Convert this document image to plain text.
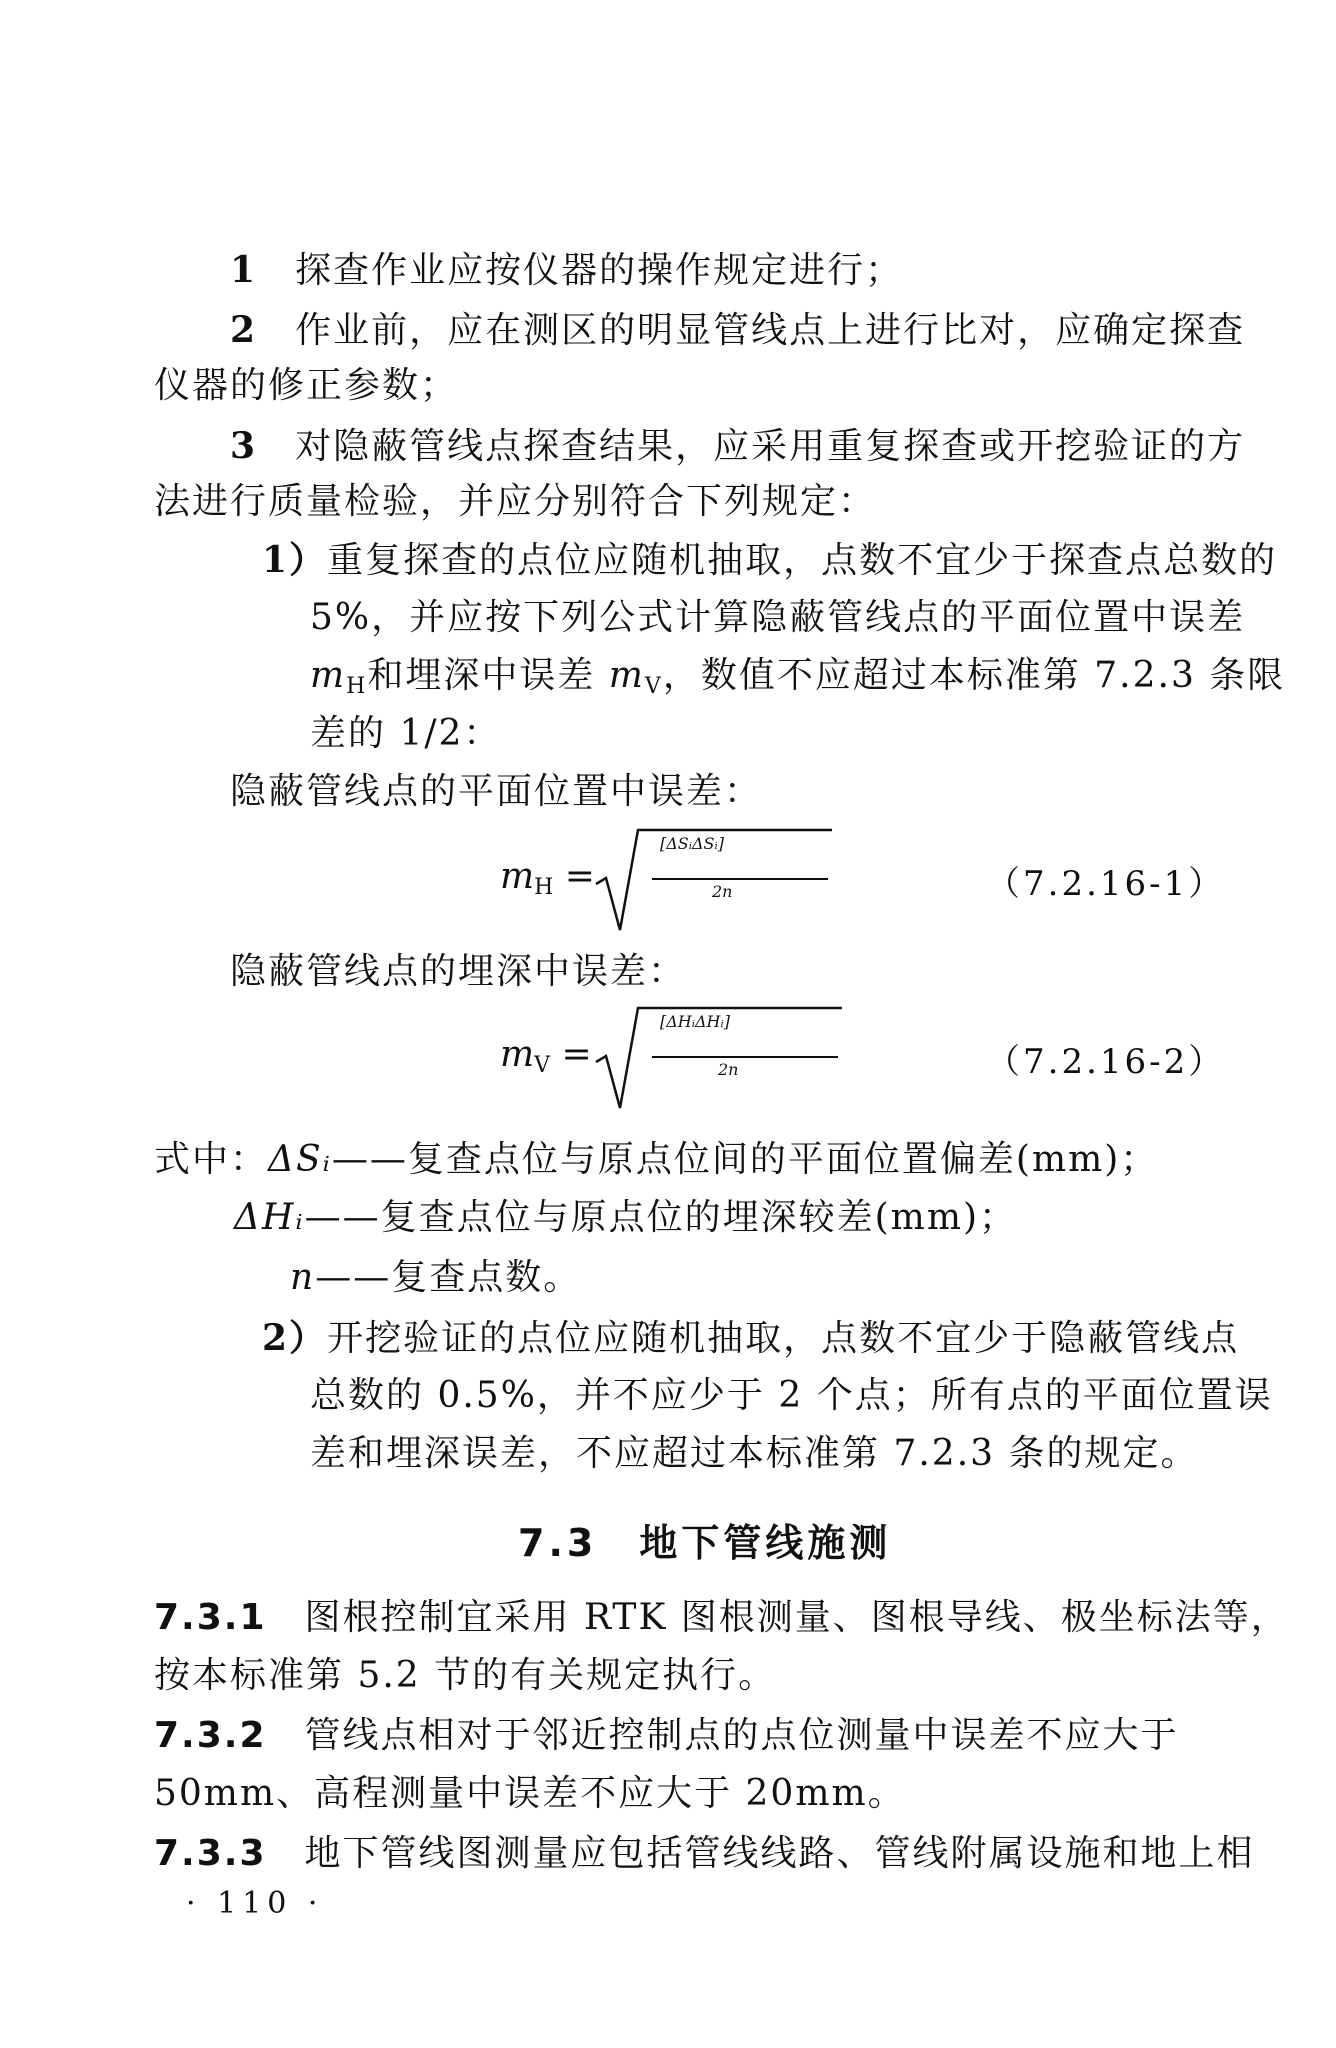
1　 探查作业应按仪器的操作规定进行；
2　 作业前，应在测区的明显管线点上进行比对，应确定探查
仪器的修正参数；
3　 对隐蔽管线点探查结果，应采用重复探查或开挖验证的方
法进行质量检验，并应分别符合下列规定：
1）重复探查的点位应随机抽取，点数不宜少于探查点总数的
5%，并应按下列公式计算隐蔽管线点的平面位置中误差
$m_H$和埋深中误差 $m_V$，数值不应超过本标准第 7.2.3 条限
差的 1/2：
隐蔽管线点的平面位置中误差：
$m_H$ =
[ΔSᵢΔSᵢ]
2n	（7.2.16-1）
隐蔽管线点的埋深中误差：
$m_V$ =
[ΔHᵢΔHᵢ]
2n	（7.2.16-2）
式中：ΔSᵢ——复查点位与原点位间的平面位置偏差(mm)；
ΔHᵢ——复查点位与原点位的埋深较差(mm)；
n——复查点数。
2）开挖验证的点位应随机抽取，点数不宜少于隐蔽管线点
总数的 0.5%，并不应少于 2 个点；所有点的平面位置误
差和埋深误差，不应超过本标准第 7.2.3 条的规定。
7.3　地下管线施测
7.3.1　 图根控制宜采用 RTK 图根测量、图根导线、极坐标法等，
按本标准第 5.2 节的有关规定执行。
7.3.2　 管线点相对于邻近控制点的点位测量中误差不应大于
50mm、高程测量中误差不应大于 20mm。
7.3.3　 地下管线图测量应包括管线线路、管线附属设施和地上相
· 110 ·
